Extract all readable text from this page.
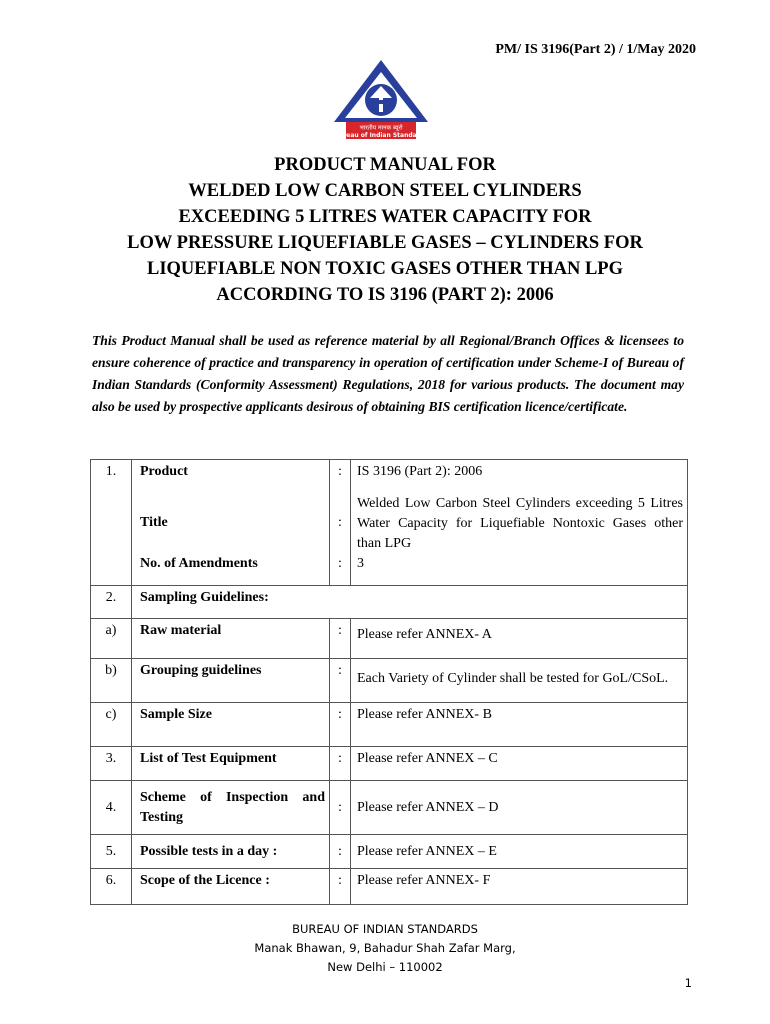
PM/ IS 3196(Part 2) / 1/May 2020
भारतीय मानक ब्यूरो
Bureau of Indian Standards
PRODUCT MANUAL FOR
WELDED LOW CARBON STEEL CYLINDERS
EXCEEDING 5 LITRES WATER CAPACITY FOR
LOW PRESSURE LIQUEFIABLE GASES – CYLINDERS FOR
LIQUEFIABLE NON TOXIC GASES OTHER THAN LPG
ACCORDING TO IS 3196 (PART 2): 2006
This Product Manual shall be used as reference material by all Regional/Branch Offices & licensees to ensure coherence of practice and transparency in operation of certification under Scheme-I of Bureau of Indian Standards (Conformity Assessment) Regulations, 2018 for various products. The document may also be used by prospective applicants desirous of obtaining BIS certification licence/certificate.
1.	Product	:	IS 3196 (Part 2): 2006
	Title	:	Welded Low Carbon Steel Cylinders exceeding 5 Litres Water Capacity for Liquefiable Nontoxic Gases other than LPG
	No. of Amendments	:	3
2.	Sampling Guidelines:		
a)	Raw material	:	Please refer ANNEX- A
b)	Grouping guidelines	:	Each Variety of Cylinder shall be tested for GoL/CSoL.
c)	Sample Size	:	Please refer ANNEX- B
3.	List of Test Equipment	:	Please refer ANNEX – C
4.	Scheme of Inspection and Testing	:	Please refer ANNEX – D
5.	Possible tests in a day :	:	Please refer ANNEX – E
6.	Scope of the Licence :	:	Please refer ANNEX- F
BUREAU OF INDIAN STANDARDS
Manak Bhawan, 9, Bahadur Shah Zafar Marg,
New Delhi – 110002
1
